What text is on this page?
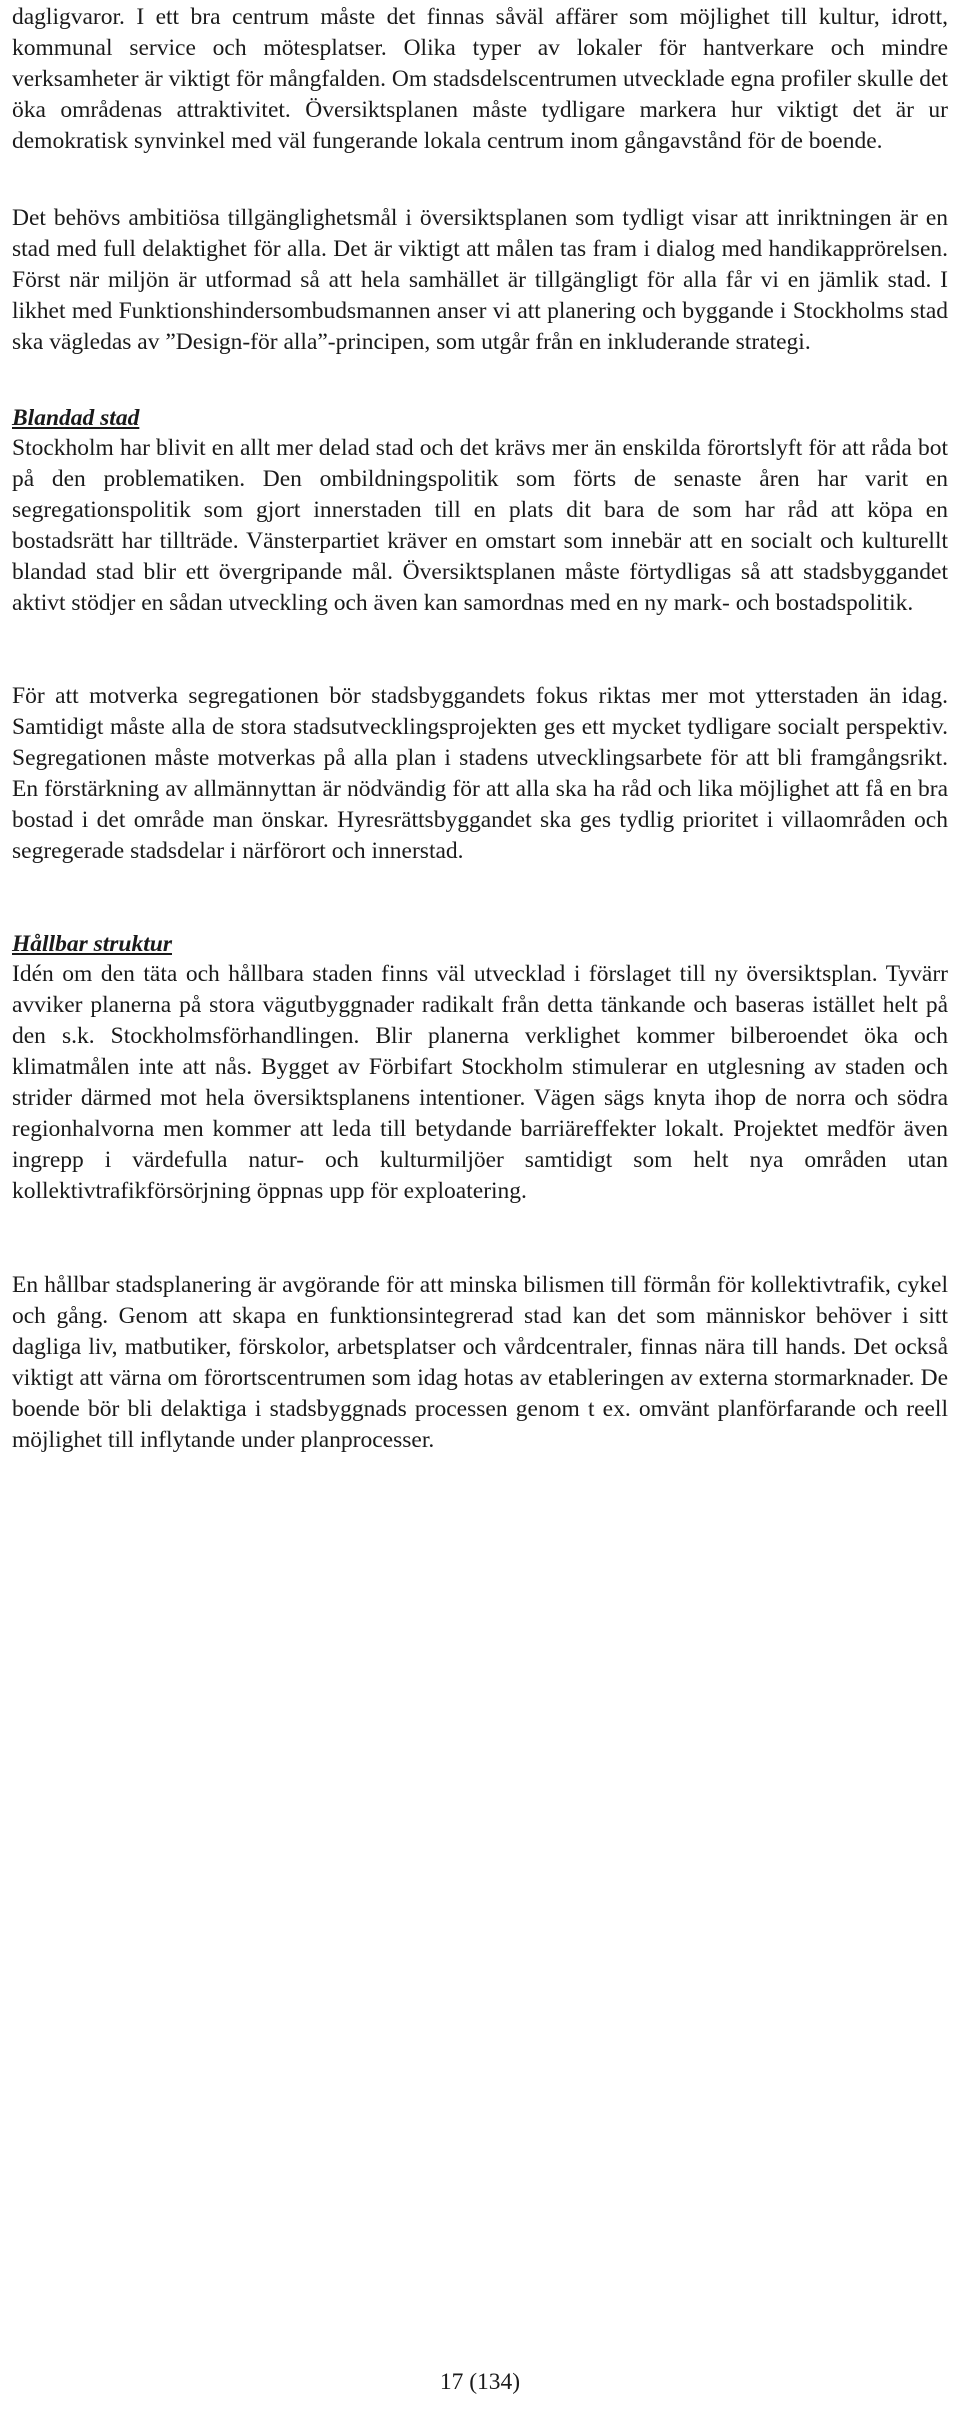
dagligvaror. I ett bra centrum måste det finnas såväl affärer som möjlighet till kultur, idrott, kommunal service och mötesplatser. Olika typer av lokaler för hantverkare och mindre verksamheter är viktigt för mångfalden. Om stadsdelscentrumen utvecklade egna profiler skulle det öka områdenas attraktivitet. Översiktsplanen måste tydligare markera hur viktigt det är ur demokratisk synvinkel med väl fungerande lokala centrum inom gångavstånd för de boende.

Det behövs ambitiösa tillgänglighetsmål i översiktsplanen som tydligt visar att inriktningen är en stad med full delaktighet för alla. Det är viktigt att målen tas fram i dialog med handikapprörelsen. Först när miljön är utformad så att hela samhället är tillgängligt för alla får vi en jämlik stad. I likhet med Funktionshindersombudsmannen anser vi att planering och byggande i Stockholms stad ska vägledas av ”Design-för alla”-principen, som utgår från en inkluderande strategi.

Blandad stad

Stockholm har blivit en allt mer delad stad och det krävs mer än enskilda förortslyft för att råda bot på den problematiken. Den ombildningspolitik som förts de senaste åren har varit en segregationspolitik som gjort innerstaden till en plats dit bara de som har råd att köpa en bostadsrätt har tillträde. Vänsterpartiet kräver en omstart som innebär att en socialt och kulturellt blandad stad blir ett övergripande mål. Översiktsplanen måste förtydligas så att stadsbyggandet aktivt stödjer en sådan utveckling och även kan samordnas med en ny mark- och bostadspolitik.

För att motverka segregationen bör stadsbyggandets fokus riktas mer mot ytterstaden än idag. Samtidigt måste alla de stora stadsutvecklingsprojekten ges ett mycket tydligare socialt perspektiv. Segregationen måste motverkas på alla plan i stadens utvecklingsarbete för att bli framgångsrikt. En förstärkning av allmännyttan är nödvändig för att alla ska ha råd och lika möjlighet att få en bra bostad i det område man önskar. Hyresrättsbyggandet ska ges tydlig prioritet i villaområden och segregerade stadsdelar i närförort och innerstad.

Hållbar struktur

Idén om den täta och hållbara staden finns väl utvecklad i förslaget till ny översiktsplan. Tyvärr avviker planerna på stora vägutbyggnader radikalt från detta tänkande och baseras istället helt på den s.k. Stockholmsförhandlingen. Blir planerna verklighet kommer bilberoendet öka och klimatmålen inte att nås. Bygget av Förbifart Stockholm stimulerar en utglesning av staden och strider därmed mot hela översiktsplanens intentioner. Vägen sägs knyta ihop de norra och södra regionhalvorna men kommer att leda till betydande barriäreffekter lokalt. Projektet medför även ingrepp i värdefulla natur- och kulturmiljöer samtidigt som helt nya områden utan kollektivtrafikförsörjning öppnas upp för exploatering.

En hållbar stadsplanering är avgörande för att minska bilismen till förmån för kollektivtrafik, cykel och gång. Genom att skapa en funktionsintegrerad stad kan det som människor behöver i sitt dagliga liv, matbutiker, förskolor, arbetsplatser och vårdcentraler, finnas nära till hands. Det också viktigt att värna om förortscentrumen som idag hotas av etableringen av externa stormarknader. De boende bör bli delaktiga i stadsbyggnads processen genom t ex. omvänt planförfarande och reell möjlighet till inflytande under planprocesser.

17 (134)
